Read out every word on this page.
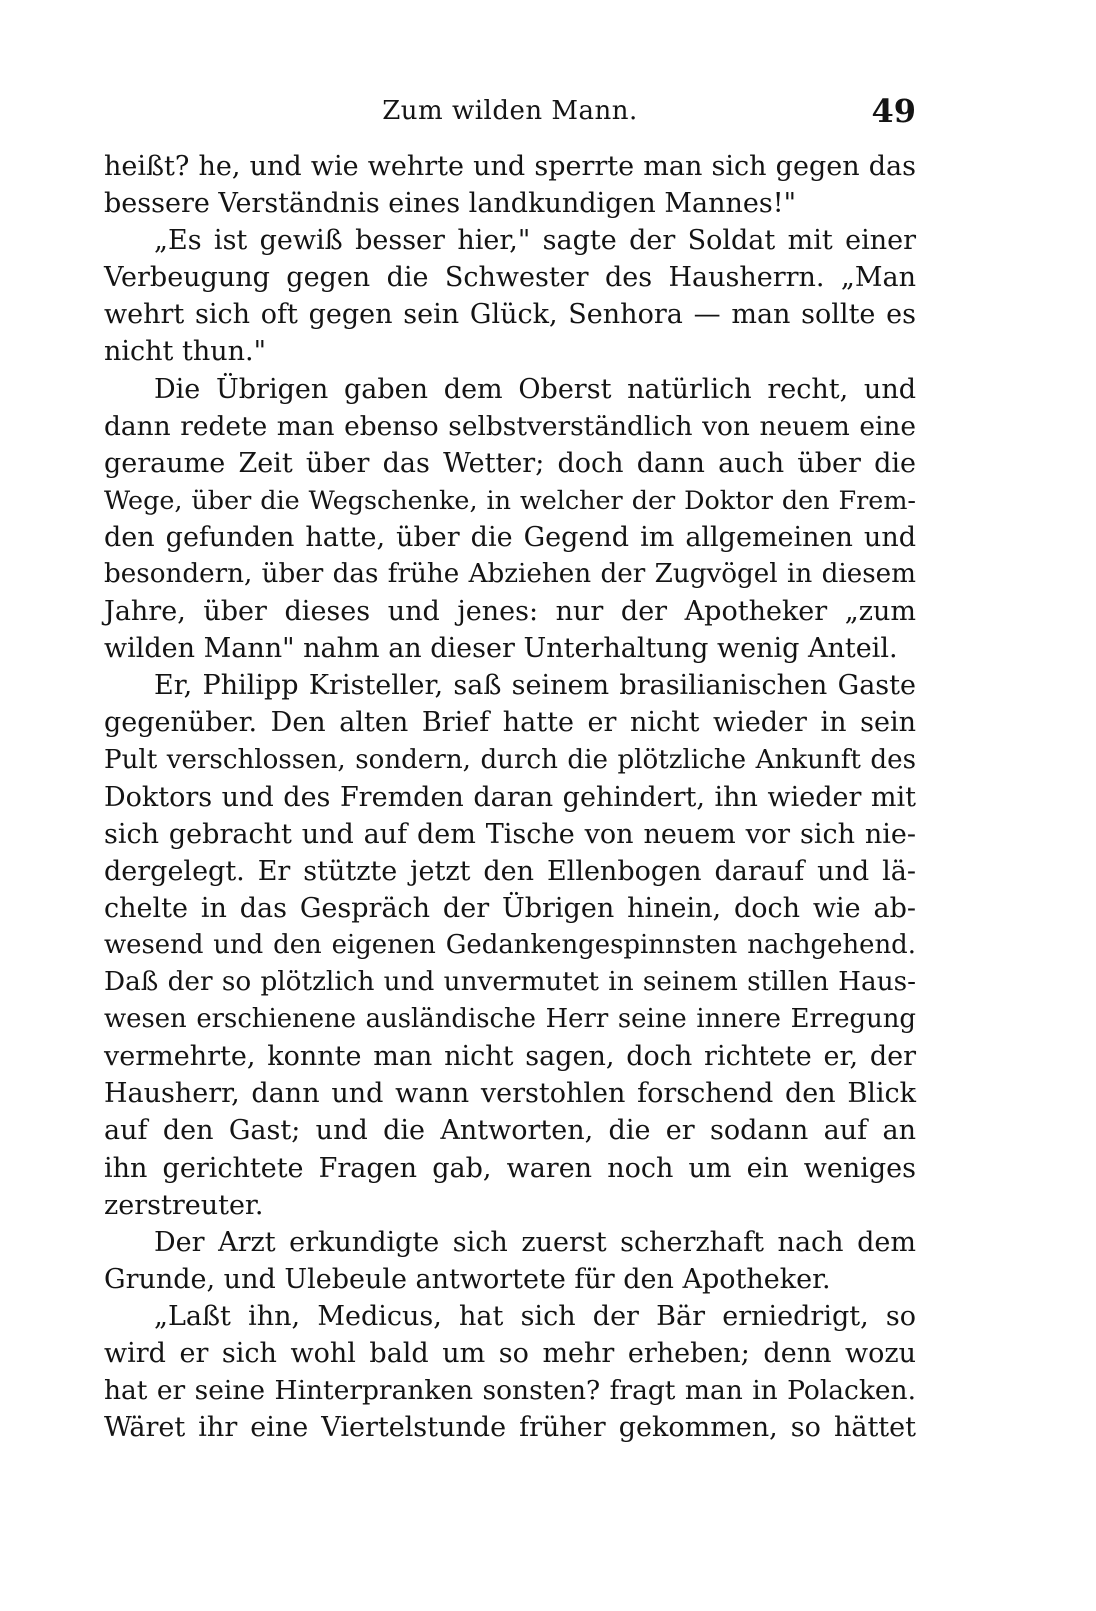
Zum wilden Mann.	49
heißt? he, und wie wehrte und sperrte man sich gegen das
bessere Verständnis eines landkundigen Mannes!"
„Es ist gewiß besser hier," sagte der Soldat mit einer
Verbeugung gegen die Schwester des Hausherrn. „Man
wehrt sich oft gegen sein Glück, Senhora — man sollte es
nicht thun."
Die Übrigen gaben dem Oberst natürlich recht, und
dann redete man ebenso selbstverständlich von neuem eine
geraume Zeit über das Wetter; doch dann auch über die
Wege, über die Wegschenke, in welcher der Doktor den Frem-
den gefunden hatte, über die Gegend im allgemeinen und
besondern, über das frühe Abziehen der Zugvögel in diesem
Jahre, über dieses und jenes: nur der Apotheker „zum
wilden Mann" nahm an dieser Unterhaltung wenig Anteil.
Er, Philipp Kristeller, saß seinem brasilianischen Gaste
gegenüber. Den alten Brief hatte er nicht wieder in sein
Pult verschlossen, sondern, durch die plötzliche Ankunft des
Doktors und des Fremden daran gehindert, ihn wieder mit
sich gebracht und auf dem Tische von neuem vor sich nie-
dergelegt. Er stützte jetzt den Ellenbogen darauf und lä-
chelte in das Gespräch der Übrigen hinein, doch wie ab-
wesend und den eigenen Gedankengespinnsten nachgehend.
Daß der so plötzlich und unvermutet in seinem stillen Haus-
wesen erschienene ausländische Herr seine innere Erregung
vermehrte, konnte man nicht sagen, doch richtete er, der
Hausherr, dann und wann verstohlen forschend den Blick
auf den Gast; und die Antworten, die er sodann auf an
ihn gerichtete Fragen gab, waren noch um ein weniges
zerstreuter.
Der Arzt erkundigte sich zuerst scherzhaft nach dem
Grunde, und Ulebeule antwortete für den Apotheker.
„Laßt ihn, Medicus, hat sich der Bär erniedrigt, so
wird er sich wohl bald um so mehr erheben; denn wozu
hat er seine Hinterpranken sonsten? fragt man in Polacken.
Wäret ihr eine Viertelstunde früher gekommen, so hättet
